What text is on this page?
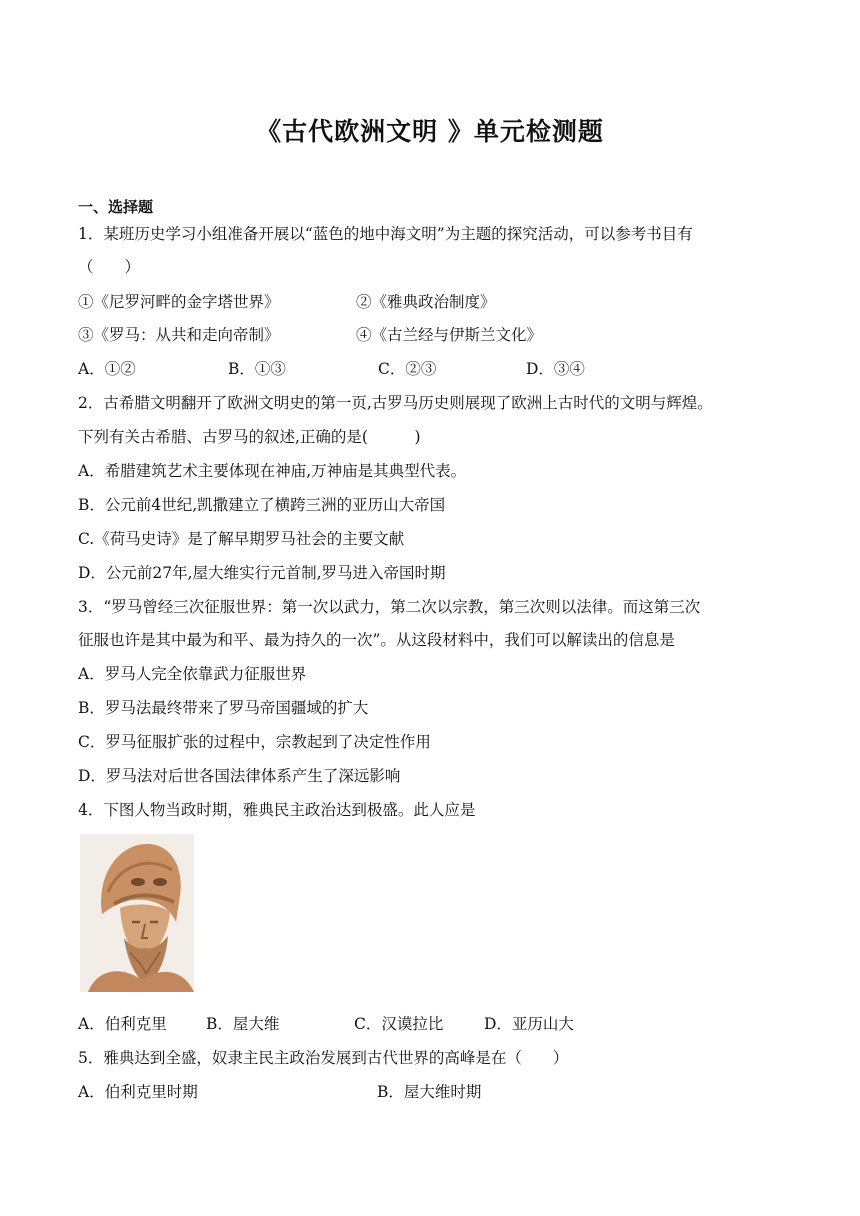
《古代欧洲文明 》单元检测题
一、选择题
1．某班历史学习小组准备开展以“蓝色的地中海文明”为主题的探究活动，可以参考书目有
（　　）
①《尼罗河畔的金字塔世界》	②《雅典政治制度》
③《罗马：从共和走向帝制》	④《古兰经与伊斯兰文化》
A．①②	B．①③	C．②③	D．③④
2．古希腊文明翻开了欧洲文明史的第一页,古罗马历史则展现了欧洲上古时代的文明与辉煌。
下列有关古希腊、古罗马的叙述,正确的是(　　　)
A．希腊建筑艺术主要体现在神庙,万神庙是其典型代表。
B．公元前4世纪,凯撒建立了横跨三洲的亚历山大帝国
C.《荷马史诗》是了解早期罗马社会的主要文献
D．公元前27年,屋大维实行元首制,罗马进入帝国时期
3．“罗马曾经三次征服世界：第一次以武力，第二次以宗教，第三次则以法律。而这第三次
征服也许是其中最为和平、最为持久的一次”。从这段材料中，我们可以解读出的信息是
A．罗马人完全依靠武力征服世界
B．罗马法最终带来了罗马帝国疆域的扩大
C．罗马征服扩张的过程中，宗教起到了决定性作用
D．罗马法对后世各国法律体系产生了深远影响
4．下图人物当政时期，雅典民主政治达到极盛。此人应是
A．伯利克里	B．屋大维	C．汉谟拉比	D．亚历山大
5．雅典达到全盛，奴隶主民主政治发展到古代世界的高峰是在（　　）
A．伯利克里时期	B．屋大维时期
